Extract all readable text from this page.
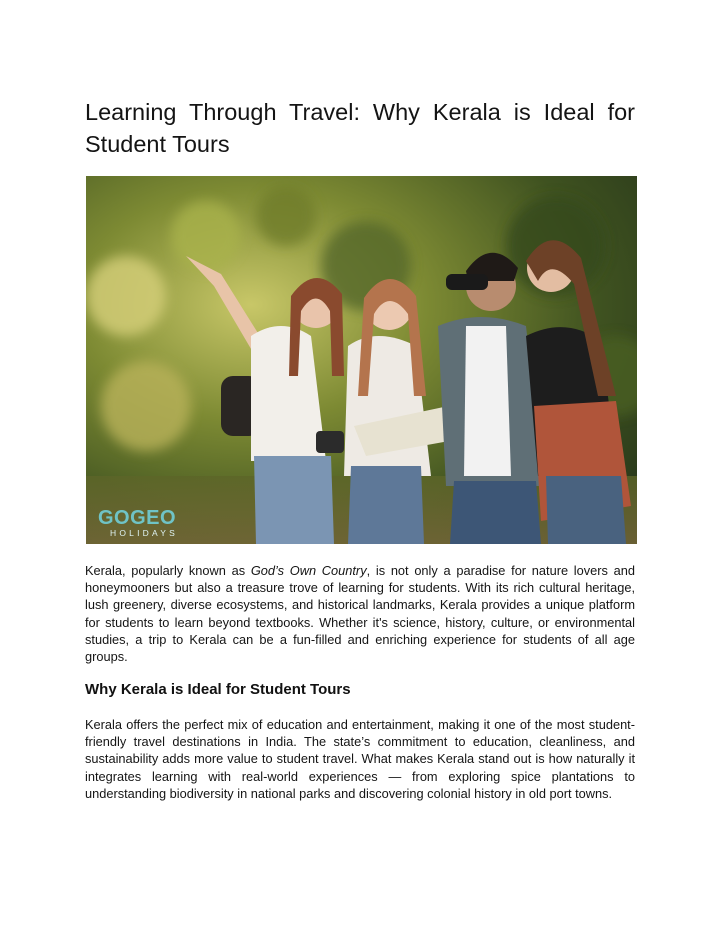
Learning Through Travel: Why Kerala is Ideal for Student Tours
GOGEO
HOLIDAYS

Kerala, popularly known as God’s Own Country, is not only a paradise for nature lovers and honeymooners but also a treasure trove of learning for students. With its rich cultural heritage, lush greenery, diverse ecosystems, and historical landmarks, Kerala provides a unique platform for students to learn beyond textbooks. Whether it's science, history, culture, or environmental studies, a trip to Kerala can be a fun-filled and enriching experience for students of all age groups.

Why Kerala is Ideal for Student Tours

Kerala offers the perfect mix of education and entertainment, making it one of the most student-friendly travel destinations in India. The state’s commitment to education, cleanliness, and sustainability adds more value to student travel. What makes Kerala stand out is how naturally it integrates learning with real-world experiences — from exploring spice plantations to understanding biodiversity in national parks and discovering colonial history in old port towns.
